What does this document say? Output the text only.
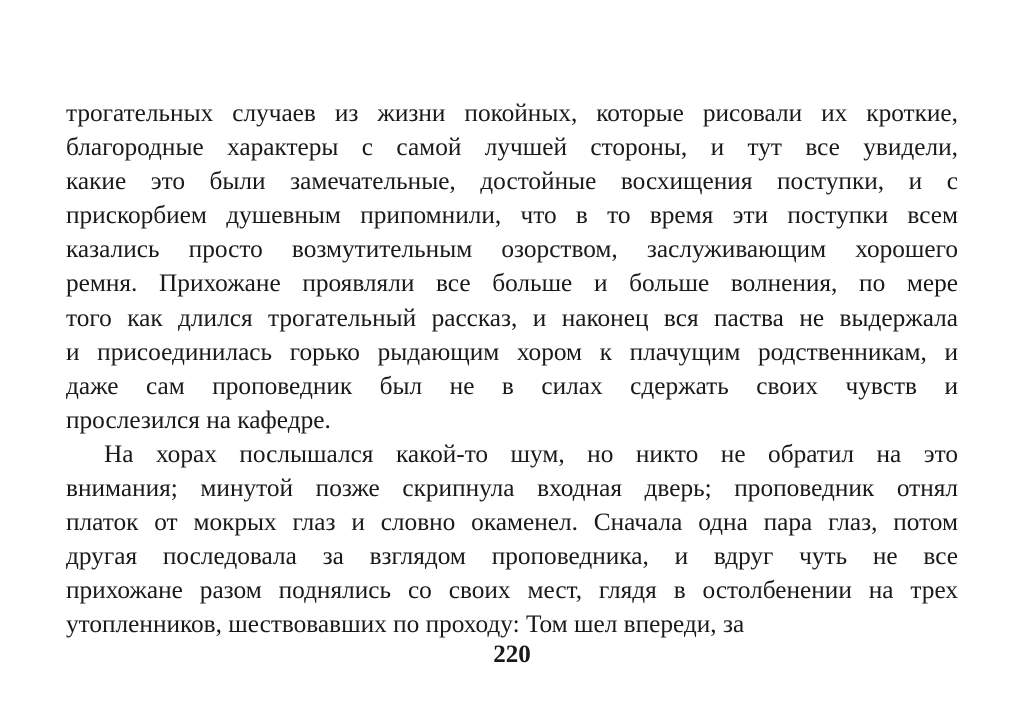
трогательных случаев из жизни покойных, которые рисовали их кроткие,
благородные характеры с самой лучшей стороны, и тут все увидели,
какие это были замечательные, достойные восхищения поступки, и с
прискорбием душевным припомнили, что в то время эти поступки всем
казались просто возмутительным озорством, заслуживающим хорошего
ремня. Прихожане проявляли все больше и больше волнения, по мере
того как длился трогательный рассказ, и наконец вся паства не выдержала
и присоединилась горько рыдающим хором к плачущим родственникам, и
даже сам проповедник был не в силах сдержать своих чувств и
прослезился на кафедре.
На хорах послышался какой-то шум, но никто не обратил на это
внимания; минутой позже скрипнула входная дверь; проповедник отнял
платок от мокрых глаз и словно окаменел. Сначала одна пара глаз, потом
другая последовала за взглядом проповедника, и вдруг чуть не все
прихожане разом поднялись со своих мест, глядя в остолбенении на трех
утопленников, шествовавших по проходу: Том шел впереди, за
220
